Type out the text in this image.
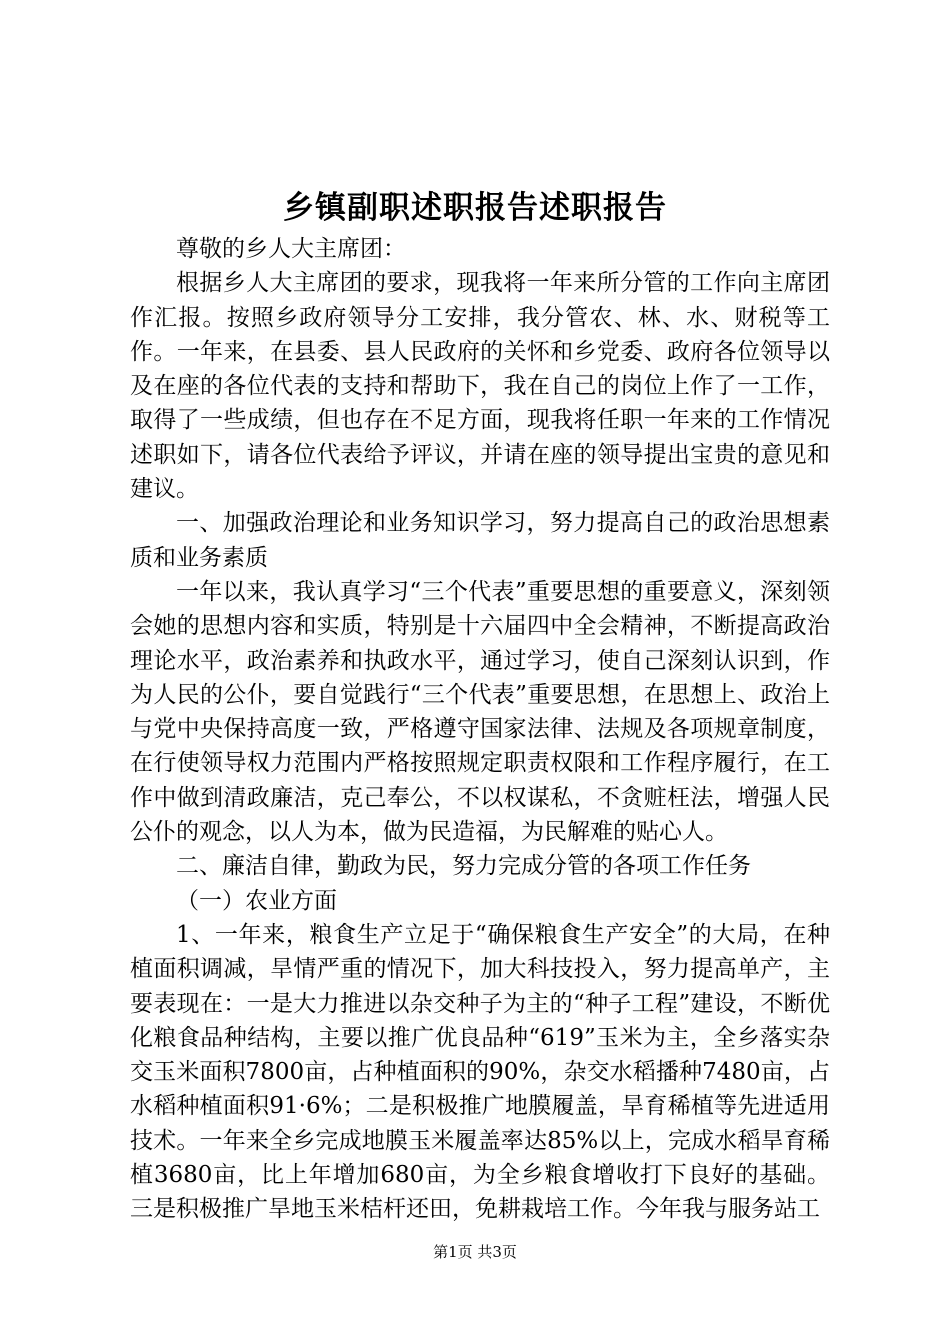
乡镇副职述职报告述职报告

尊敬的乡人大主席团：

根据乡人大主席团的要求，现我将一年来所分管的工作向主席团作汇报。按照乡政府领导分工安排，我分管农、林、水、财税等工作。一年来，在县委、县人民政府的关怀和乡党委、政府各位领导以及在座的各位代表的支持和帮助下，我在自己的岗位上作了一工作，取得了一些成绩，但也存在不足方面，现我将任职一年来的工作情况述职如下，请各位代表给予评议，并请在座的领导提出宝贵的意见和建议。

一、加强政治理论和业务知识学习，努力提高自己的政治思想素质和业务素质

一年以来，我认真学习“三个代表”重要思想的重要意义，深刻领会她的思想内容和实质，特别是十六届四中全会精神，不断提高政治理论水平，政治素养和执政水平，通过学习，使自己深刻认识到，作为人民的公仆，要自觉践行“三个代表”重要思想，在思想上、政治上与党中央保持高度一致，严格遵守国家法律、法规及各项规章制度，在行使领导权力范围内严格按照规定职责权限和工作程序履行，在工作中做到清政廉洁，克己奉公，不以权谋私，不贪赃枉法，增强人民公仆的观念，以人为本，做为民造福，为民解难的贴心人。

二、廉洁自律，勤政为民，努力完成分管的各项工作任务

（一）农业方面

1、一年来，粮食生产立足于“确保粮食生产安全”的大局，在种植面积调减，旱情严重的情况下，加大科技投入，努力提高单产，主要表现在：一是大力推进以杂交种子为主的“种子工程”建设，不断优化粮食品种结构，主要以推广优良品种“619”玉米为主，全乡落实杂交玉米面积7800亩，占种植面积的90%，杂交水稻播种7480亩，占水稻种植面积91·6%；二是积极推广地膜履盖，旱育稀植等先进适用技术。一年来全乡完成地膜玉米履盖率达85%以上，完成水稻旱育稀植3680亩，比上年增加680亩，为全乡粮食增收打下良好的基础。三是积极推广旱地玉米桔杆还田，免耕栽培工作。今年我与服务站工

第1页 共3页
